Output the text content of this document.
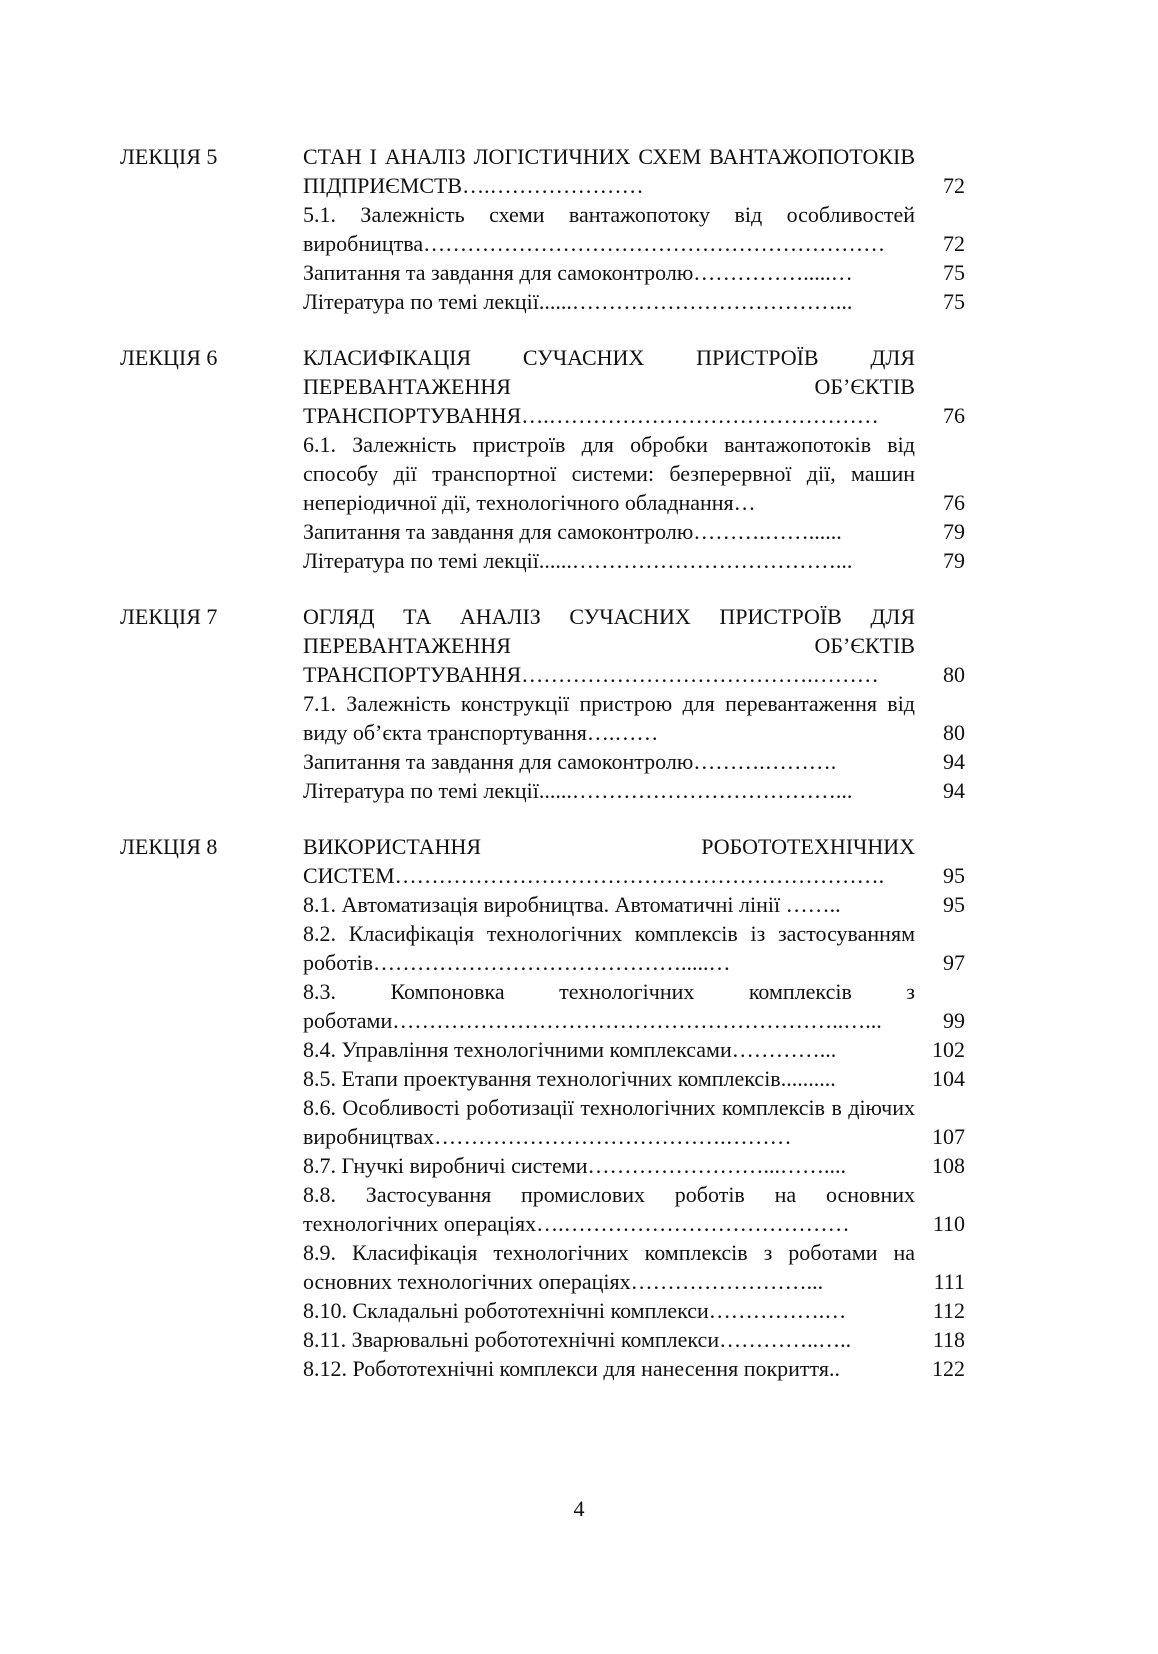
ЛЕКЦІЯ 5	СТАН І АНАЛІЗ ЛОГІСТИЧНИХ СХЕМ ВАНТАЖОПОТОКІВ ПІДПРИЄМСТВ….…………………	72
5.1. Залежність схеми вантажопотоку від особливостей виробництва………………………………………………………	72
Запитання та завдання для самоконтролю…………….....…	75
Література по темі лекції......………………………………...	75
ЛЕКЦІЯ 6	КЛАСИФІКАЦІЯ СУЧАСНИХ ПРИСТРОЇВ ДЛЯ ПЕРЕВАНТАЖЕННЯ ОБ’ЄКТІВ ТРАНСПОРТУВАННЯ….………………………………………	76
6.1. Залежність пристроїв для обробки вантажопотоків від способу дії транспортної системи: безперервної дії, машин неперіодичної дії, технологічного обладнання…	76
Запитання та завдання для самоконтролю……….……......	79
Література по темі лекції......………………………………...	79
ЛЕКЦІЯ 7	ОГЛЯД ТА АНАЛІЗ СУЧАСНИХ ПРИСТРОЇВ ДЛЯ ПЕРЕВАНТАЖЕННЯ ОБ’ЄКТІВ ТРАНСПОРТУВАННЯ………………………………….………	80
7.1. Залежність конструкції пристрою для перевантаження від виду об’єкта транспортування….……	80
Запитання та завдання для самоконтролю……….……….	94
Література по темі лекції......………………………………...	94
ЛЕКЦІЯ 8	ВИКОРИСТАННЯ РОБОТОТЕХНІЧНИХ СИСТЕМ………………………………………………………….	95
8.1. Автоматизація виробництва. Автоматичні лінії ……..	95
8.2. Класифікація технологічних комплексів із застосуванням роботів…………………………………….....…	97
8.3. Компоновка технологічних комплексів з роботами……………………………………………………..…...	99
8.4. Управління технологічними комплексами…………...	102
8.5. Етапи проектування технологічних комплексів..........	104
8.6. Особливості роботизації технологічних комплексів в діючих виробництвах………………………………….………	107
8.7. Гнучкі виробничі системи……………………...……....	108
8.8. Застосування промислових роботів на основних технологічних операціях….…………………………………	110
8.9. Класифікація технологічних комплексів з роботами на основних технологічних операціях……………………...	111
8.10. Складальні робототехнічні комплекси…………….…	112
8.11. Зварювальні робототехнічні комплекси…………..…..	118
8.12. Робототехнічні комплекси для нанесення покриття..	122
4
